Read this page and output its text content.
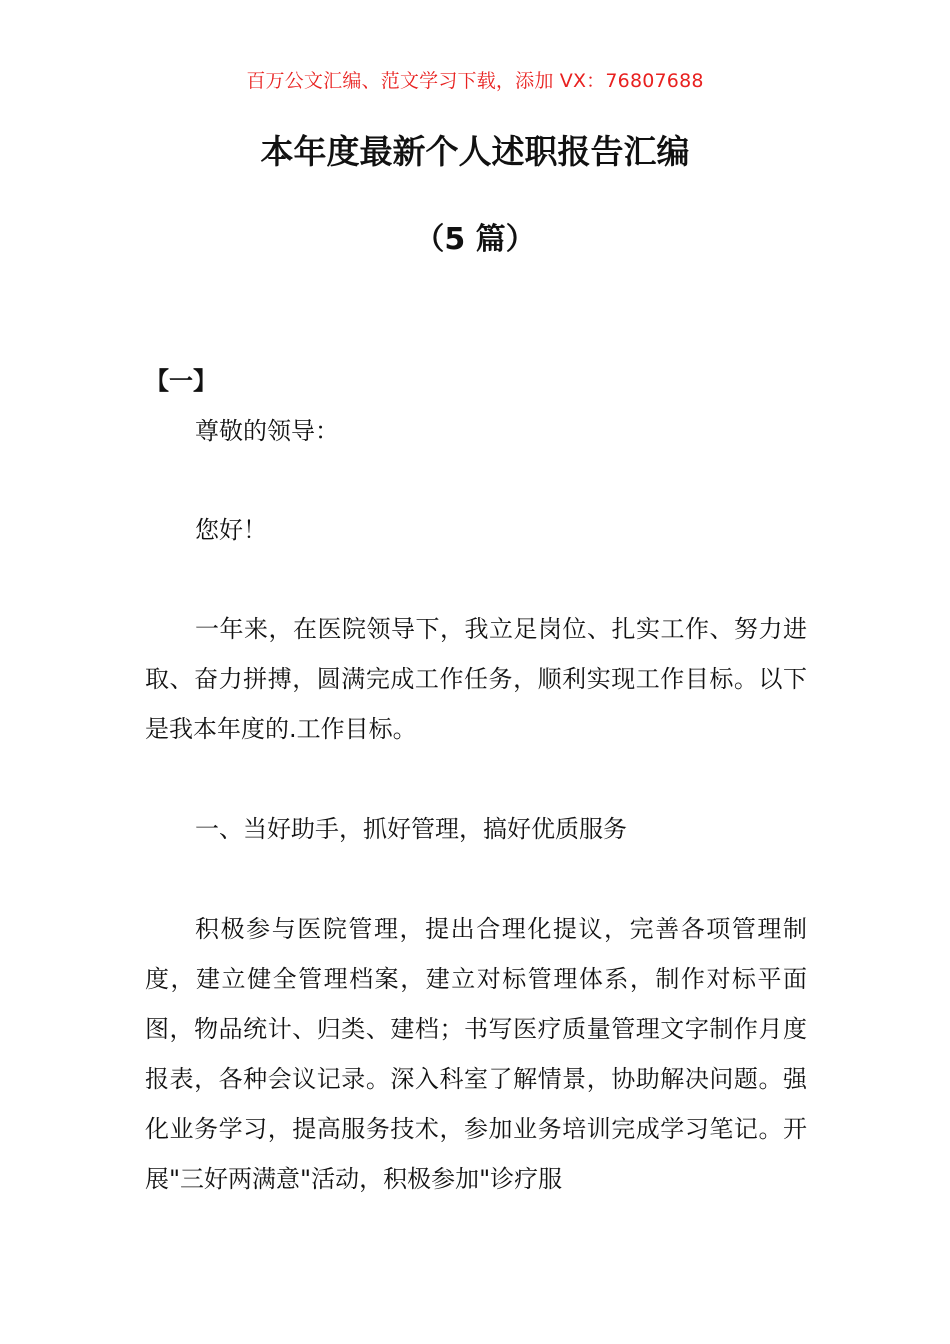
百万公文汇编、范文学习下载，添加 VX：76807688
本年度最新个人述职报告汇编
（5 篇）
【一】

尊敬的领导：

您好！

一年来，在医院领导下，我立足岗位、扎实工作、努力进取、奋力拼搏，圆满完成工作任务，顺利实现工作目标。以下是我本年度的.工作目标。

一、当好助手，抓好管理，搞好优质服务

积极参与医院管理，提出合理化提议，完善各项管理制度，建立健全管理档案，建立对标管理体系，制作对标平面图，物品统计、归类、建档；书写医疗质量管理文字制作月度报表，各种会议记录。深入科室了解情景，协助解决问题。强化业务学习，提高服务技术，参加业务培训完成学习笔记。开展"三好两满意"活动，积极参加"诊疗服
